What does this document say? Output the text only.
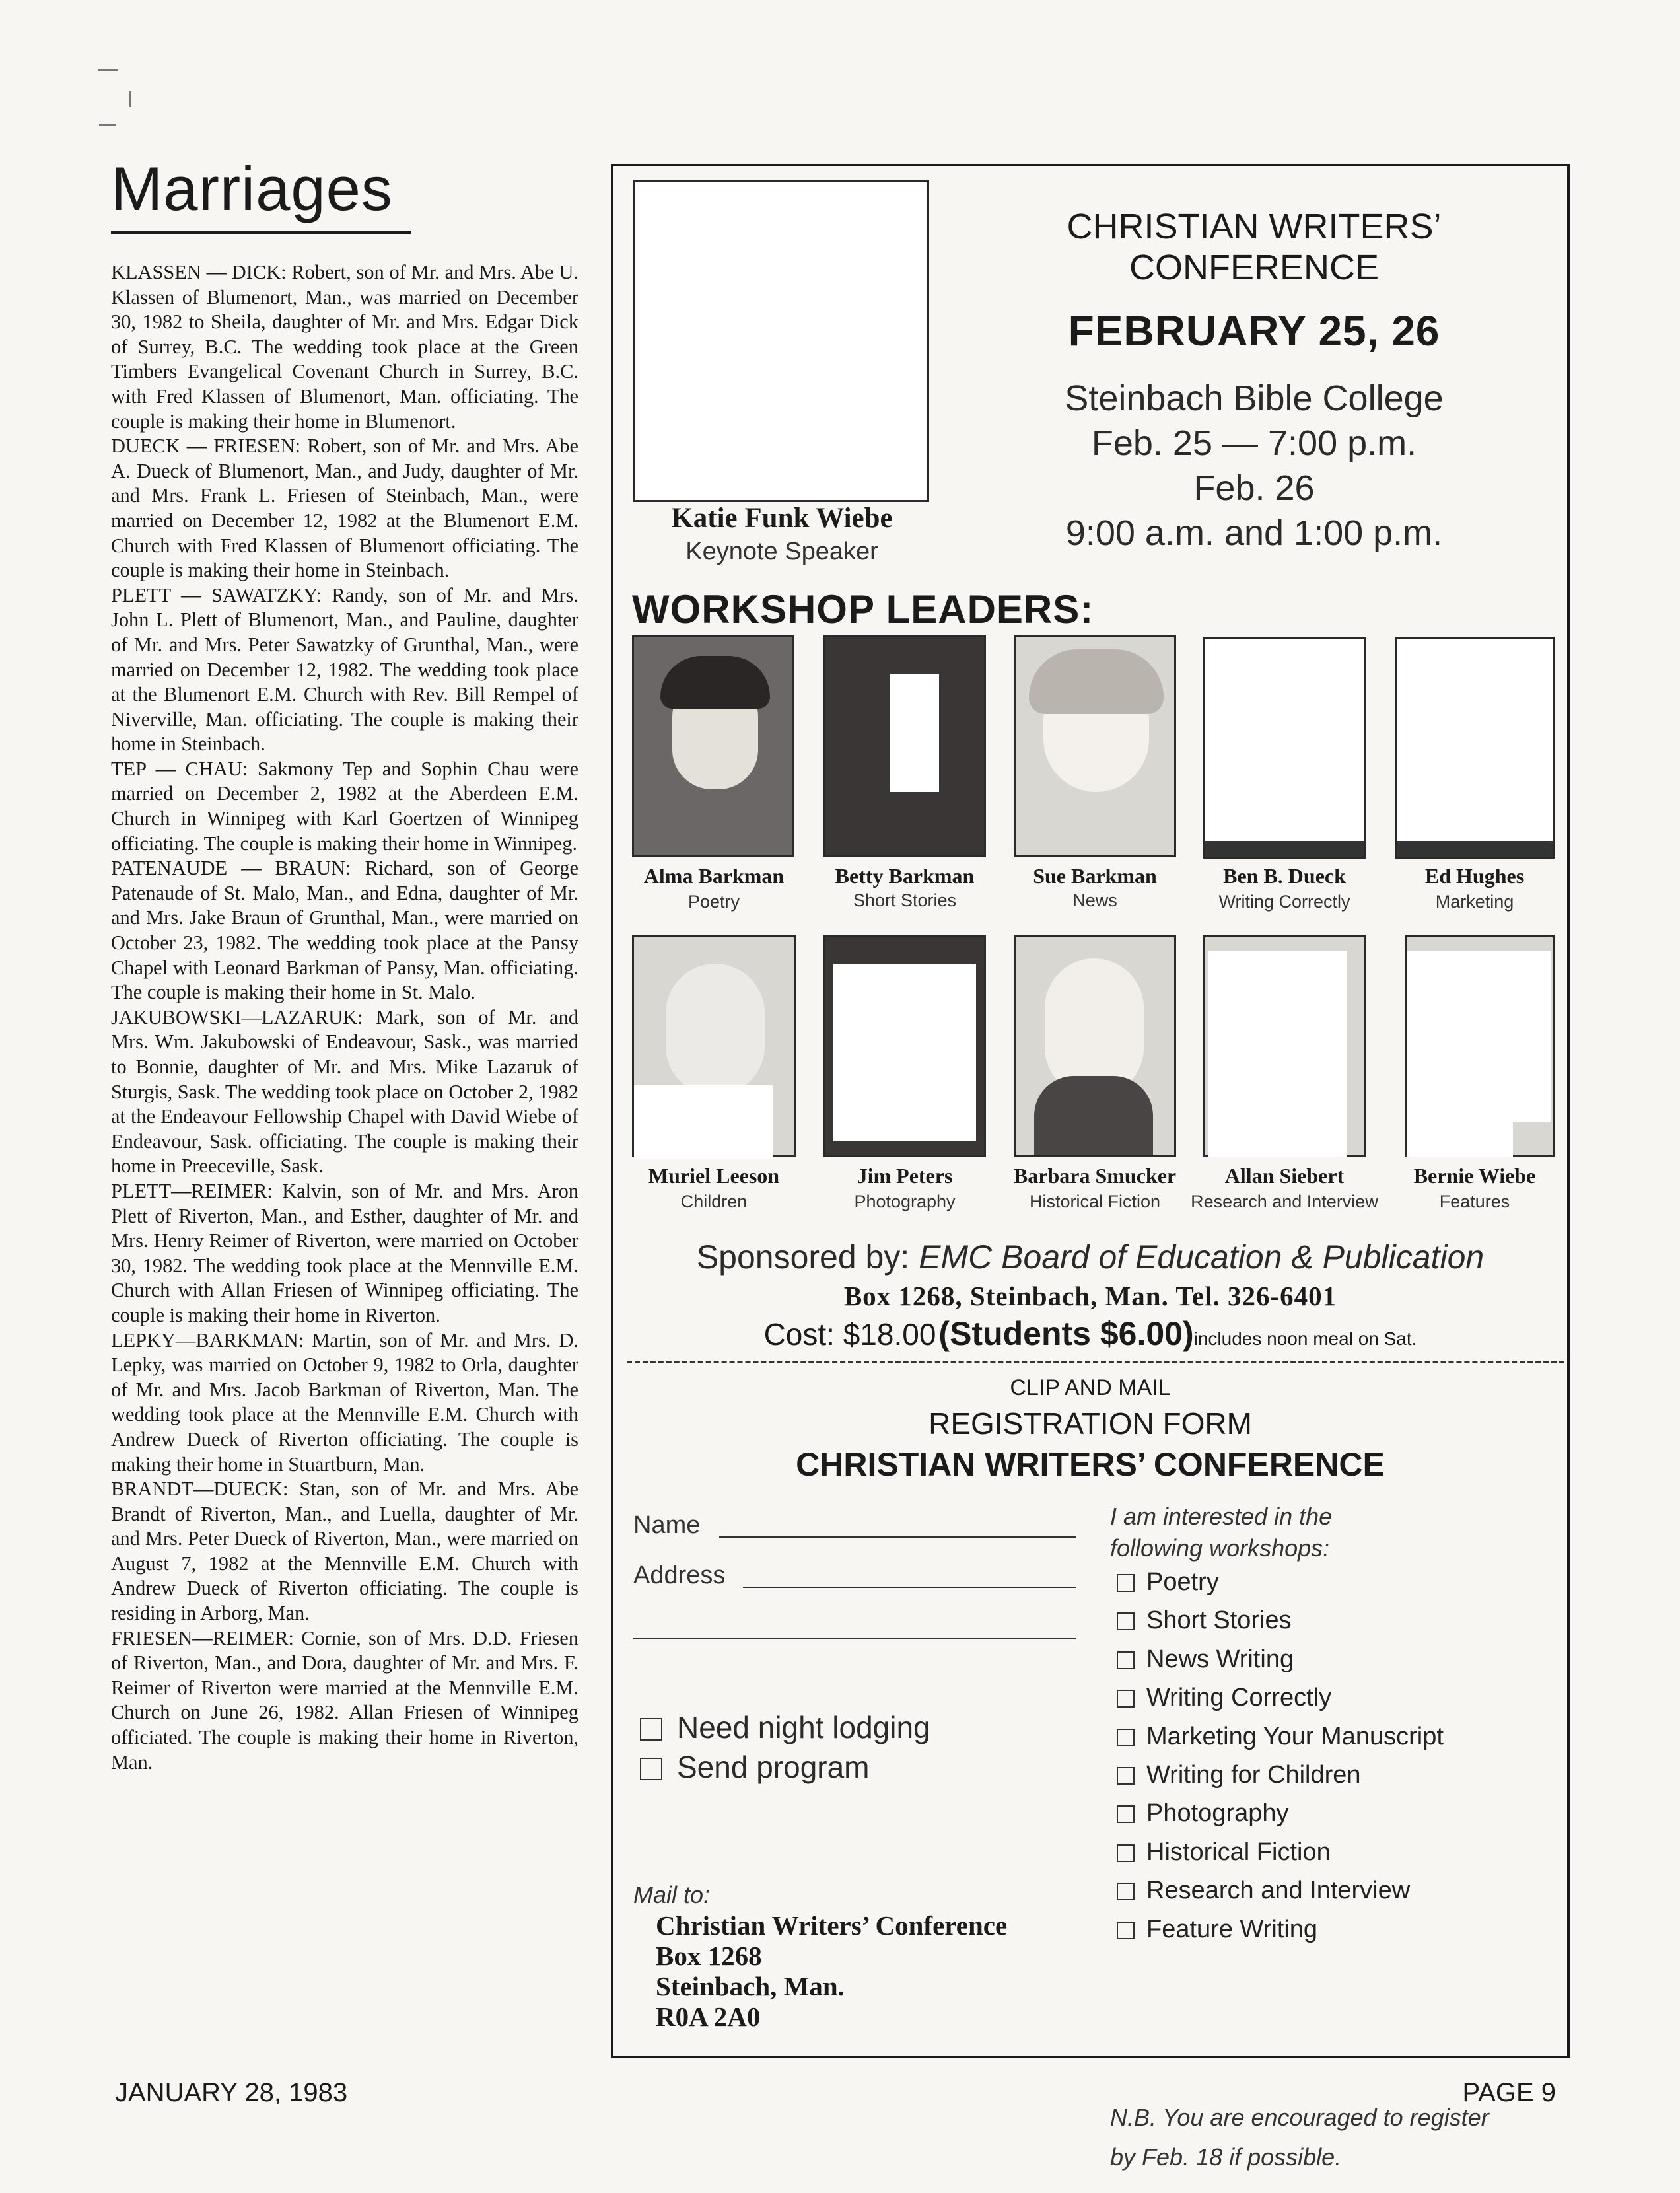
Marriages
KLASSEN — DICK: Robert, son of Mr. and Mrs. Abe U. Klassen of Blumenort, Man., was married on December 30, 1982 to Sheila, daughter of Mr. and Mrs. Edgar Dick of Surrey, B.C. The wedding took place at the Green Timbers Evangelical Covenant Church in Surrey, B.C. with Fred Klassen of Blumenort, Man. officiating. The couple is making their home in Blumenort.
DUECK — FRIESEN: Robert, son of Mr. and Mrs. Abe A. Dueck of Blumenort, Man., and Judy, daughter of Mr. and Mrs. Frank L. Friesen of Steinbach, Man., were married on December 12, 1982 at the Blumenort E.M. Church with Fred Klassen of Blumenort officiating. The couple is making their home in Steinbach.
PLETT — SAWATZKY: Randy, son of Mr. and Mrs. John L. Plett of Blumenort, Man., and Pauline, daughter of Mr. and Mrs. Peter Sawatzky of Grunthal, Man., were married on December 12, 1982. The wedding took place at the Blumenort E.M. Church with Rev. Bill Rempel of Niverville, Man. officiating. The couple is making their home in Steinbach.
TEP — CHAU: Sakmony Tep and Sophin Chau were married on December 2, 1982 at the Aberdeen E.M. Church in Winnipeg with Karl Goertzen of Winnipeg officiating. The couple is making their home in Winnipeg.
PATENAUDE — BRAUN: Richard, son of George Patenaude of St. Malo, Man., and Edna, daughter of Mr. and Mrs. Jake Braun of Grunthal, Man., were married on October 23, 1982. The wedding took place at the Pansy Chapel with Leonard Barkman of Pansy, Man. officiating. The couple is making their home in St. Malo.
JAKUBOWSKI—LAZARUK: Mark, son of Mr. and Mrs. Wm. Jakubowski of Endeavour, Sask., was married to Bonnie, daughter of Mr. and Mrs. Mike Lazaruk of Sturgis, Sask. The wedding took place on October 2, 1982 at the Endeavour Fellowship Chapel with David Wiebe of Endeavour, Sask. officiating. The couple is making their home in Preeceville, Sask.
PLETT—REIMER: Kalvin, son of Mr. and Mrs. Aron Plett of Riverton, Man., and Esther, daughter of Mr. and Mrs. Henry Reimer of Riverton, were married on October 30, 1982. The wedding took place at the Mennville E.M. Church with Allan Friesen of Winnipeg officiating. The couple is making their home in Riverton.
LEPKY—BARKMAN: Martin, son of Mr. and Mrs. D. Lepky, was married on October 9, 1982 to Orla, daughter of Mr. and Mrs. Jacob Barkman of Riverton, Man. The wedding took place at the Mennville E.M. Church with Andrew Dueck of Riverton officiating. The couple is making their home in Stuartburn, Man.
BRANDT—DUECK: Stan, son of Mr. and Mrs. Abe Brandt of Riverton, Man., and Luella, daughter of Mr. and Mrs. Peter Dueck of Riverton, Man., were married on August 7, 1982 at the Mennville E.M. Church with Andrew Dueck of Riverton officiating. The couple is residing in Arborg, Man.
FRIESEN—REIMER: Cornie, son of Mrs. D.D. Friesen of Riverton, Man., and Dora, daughter of Mr. and Mrs. F. Reimer of Riverton were married at the Mennville E.M. Church on June 26, 1982. Allan Friesen of Winnipeg officiated. The couple is making their home in Riverton, Man.
JANUARY 28, 1983	PAGE 9
Katie Funk Wiebe
Keynote Speaker
CHRISTIAN WRITERS’
CONFERENCE
FEBRUARY 25, 26
Steinbach Bible College
Feb. 25 — 7:00 p.m.
Feb. 26
9:00 a.m. and 1:00 p.m.
WORKSHOP LEADERS:
Alma Barkman
Poetry
Betty Barkman
Short Stories
Sue Barkman
News
Ben B. Dueck
Writing Correctly
Ed Hughes
Marketing
Muriel Leeson
Children
Jim Peters
Photography
Barbara Smucker
Historical Fiction
Allan Siebert
Research and Interview
Bernie Wiebe
Features
Sponsored by: EMC Board of Education & Publication
Box 1268, Steinbach, Man. Tel. 326-6401
Cost: $18.00 (Students $6.00)includes noon meal on Sat.
CLIP AND MAIL
REGISTRATION FORM
CHRISTIAN WRITERS’ CONFERENCE
Name
Address
Need night lodging
Send program
Mail to:
Christian Writers’ Conference
Box 1268
Steinbach, Man.
R0A 2A0
I am interested in the
following workshops:
Poetry
Short Stories
News Writing
Writing Correctly
Marketing Your Manuscript
Writing for Children
Photography
Historical Fiction
Research and Interview
Feature Writing
N.B. You are encouraged to register
by Feb. 18 if possible.
